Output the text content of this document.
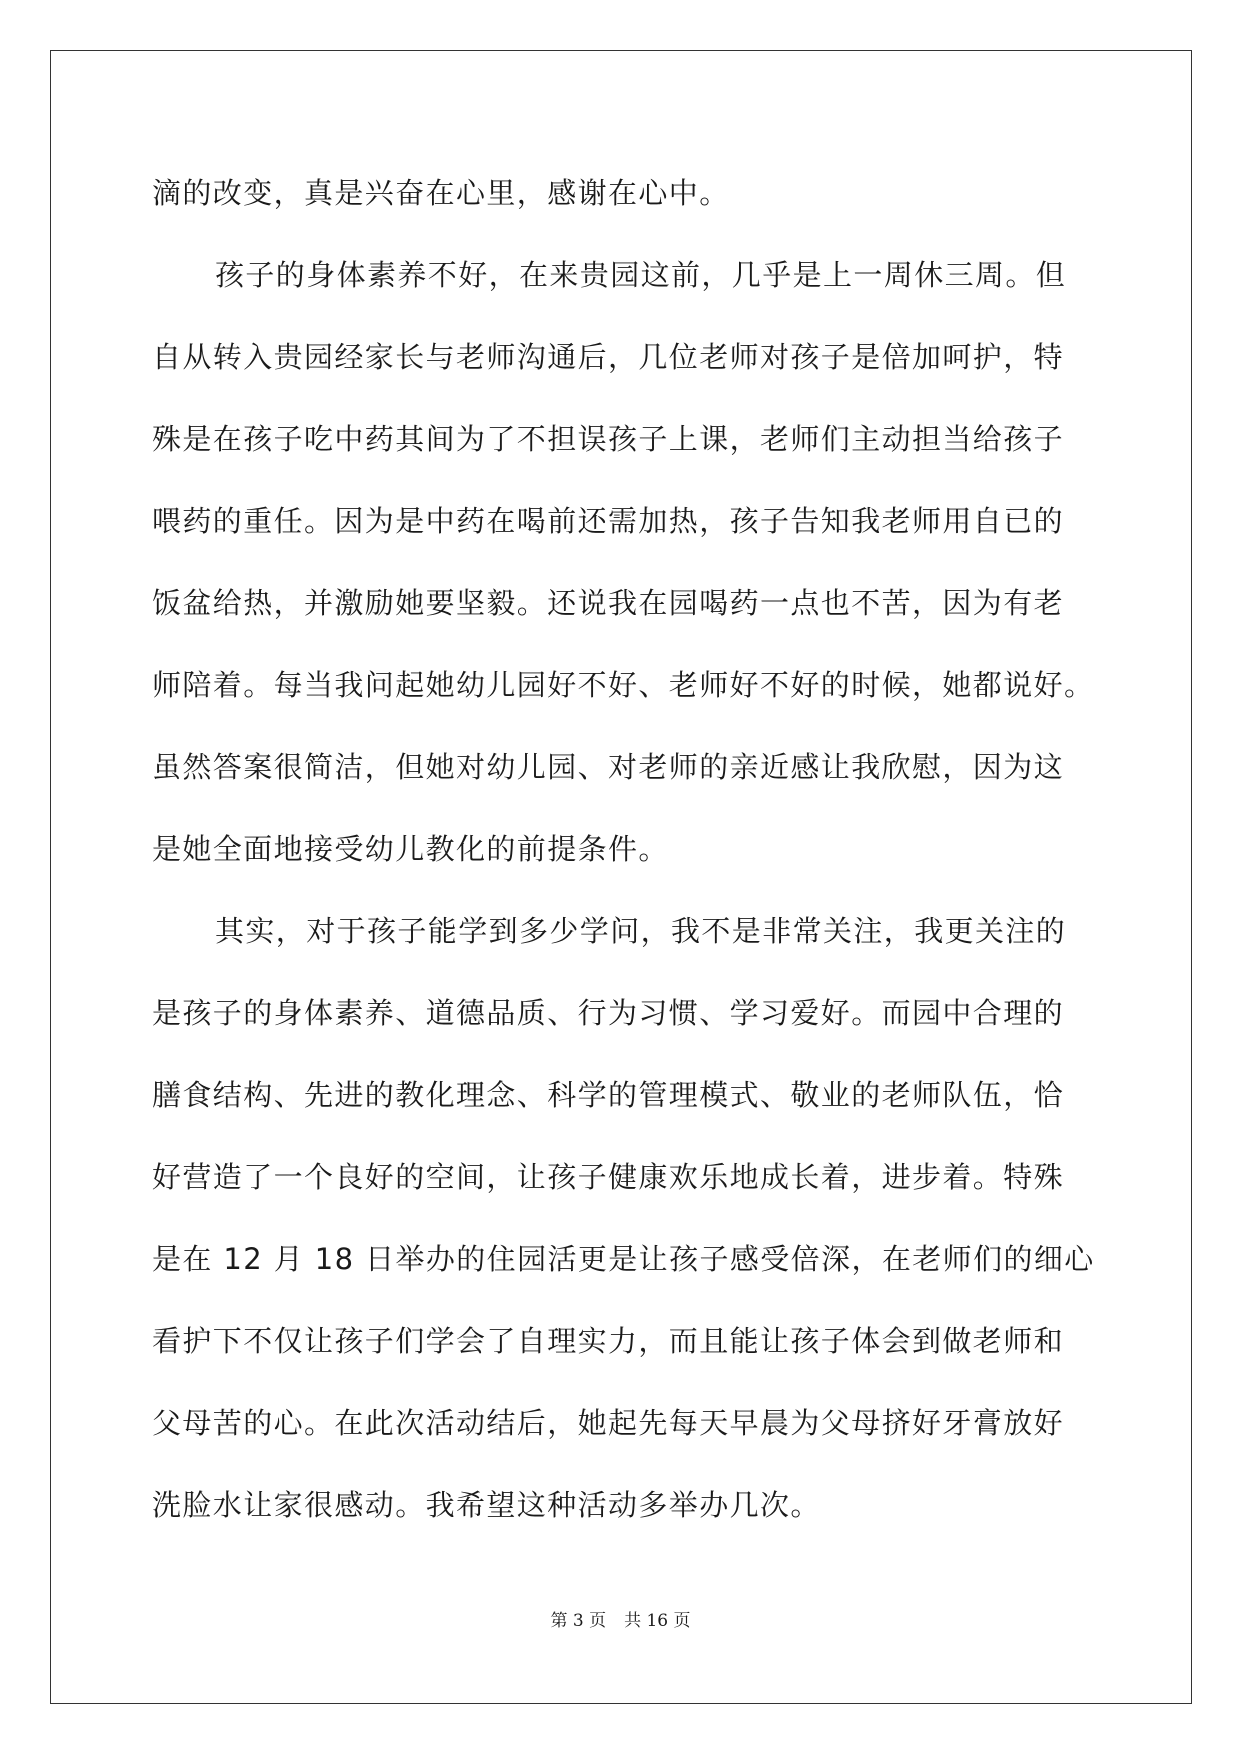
滴的改变，真是兴奋在心里，感谢在心中。
孩子的身体素养不好，在来贵园这前，几乎是上一周休三周。但
自从转入贵园经家长与老师沟通后，几位老师对孩子是倍加呵护，特
殊是在孩子吃中药其间为了不担误孩子上课，老师们主动担当给孩子
喂药的重任。因为是中药在喝前还需加热，孩子告知我老师用自已的
饭盆给热，并激励她要坚毅。还说我在园喝药一点也不苦，因为有老
师陪着。每当我问起她幼儿园好不好、老师好不好的时候，她都说好。
虽然答案很简洁，但她对幼儿园、对老师的亲近感让我欣慰，因为这
是她全面地接受幼儿教化的前提条件。
其实，对于孩子能学到多少学问，我不是非常关注，我更关注的
是孩子的身体素养、道德品质、行为习惯、学习爱好。而园中合理的
膳食结构、先进的教化理念、科学的管理模式、敬业的老师队伍，恰
好营造了一个良好的空间，让孩子健康欢乐地成长着，进步着。特殊
是在 12 月 18 日举办的住园活更是让孩子感受倍深，在老师们的细心
看护下不仅让孩子们学会了自理实力，而且能让孩子体会到做老师和
父母苦的心。在此次活动结后，她起先每天早晨为父母挤好牙膏放好
洗脸水让家很感动。我希望这种活动多举办几次。
第 3 页 共 16 页
